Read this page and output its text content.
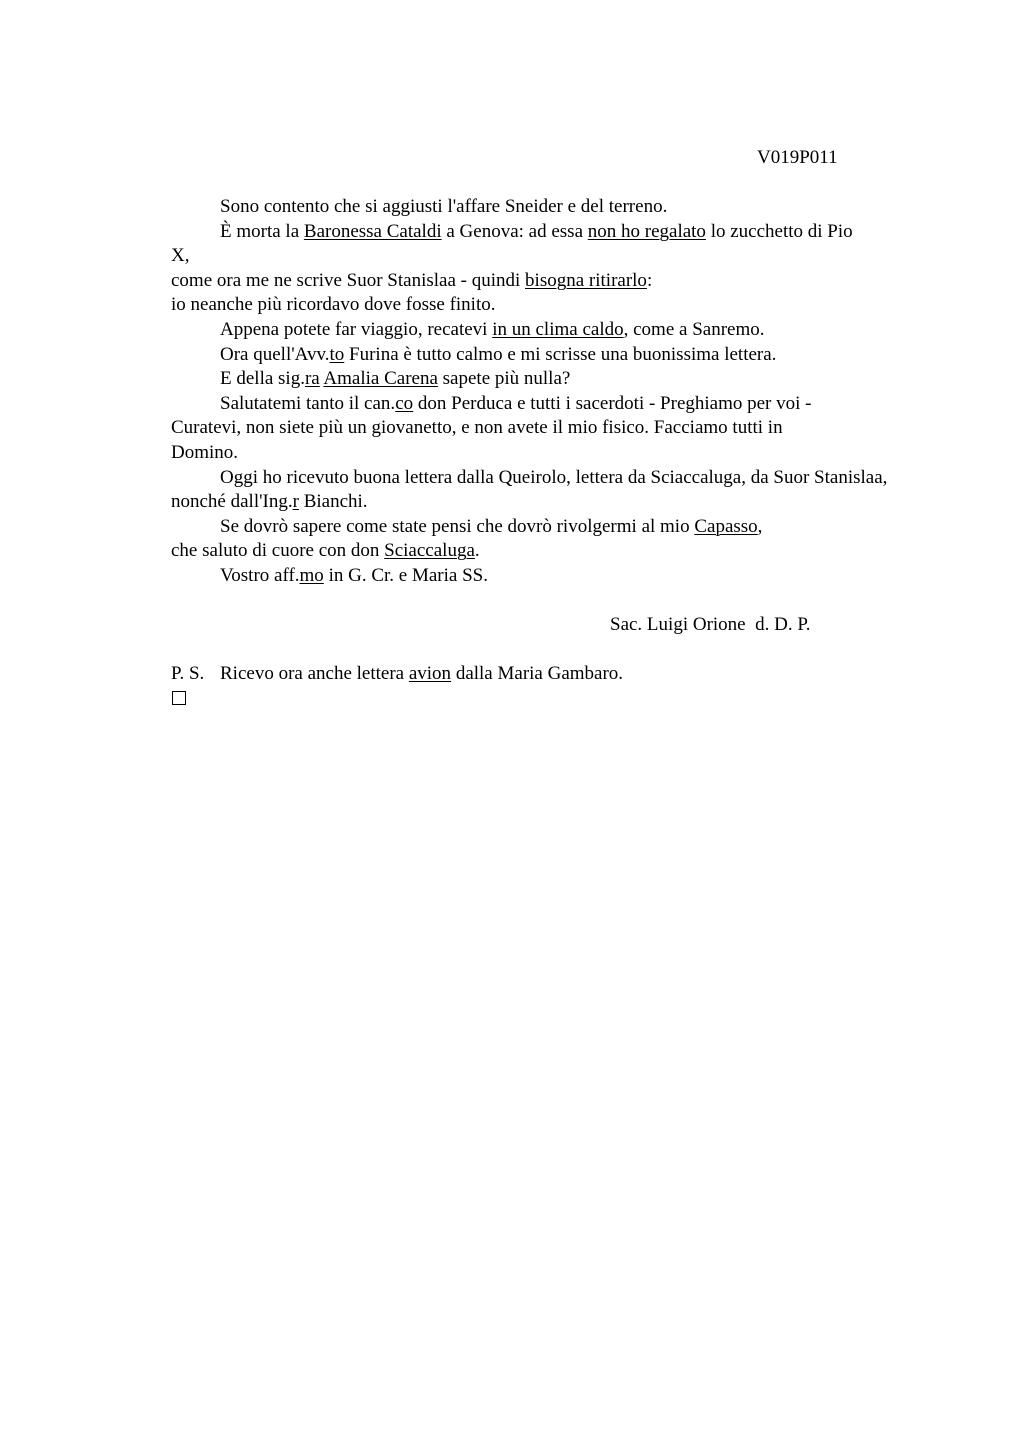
V019P011
Sono contento che si aggiusti l'affare Sneider e del terreno.
È morta la Baronessa Cataldi a Genova: ad essa non ho regalato lo zucchetto di Pio
X,
come ora me ne scrive Suor Stanislaa - quindi bisogna ritirarlo:
io neanche più ricordavo dove fosse finito.
Appena potete far viaggio, recatevi in un clima caldo, come a Sanremo.
Ora quell'Avv.to Furina è tutto calmo e mi scrisse una buonissima lettera.
E della sig.ra Amalia Carena sapete più nulla?
Salutatemi tanto il can.co don Perduca e tutti i sacerdoti - Preghiamo per voi -
Curatevi, non siete più un giovanetto, e non avete il mio fisico. Facciamo tutti in
Domino.
Oggi ho ricevuto buona lettera dalla Queirolo, lettera da Sciaccaluga, da Suor Stanislaa,
nonché dall'Ing.r Bianchi.
Se dovrò sapere come state pensi che dovrò rivolgermi al mio Capasso,
che saluto di cuore con don Sciaccaluga.
Vostro aff.mo in G. Cr. e Maria SS.
Sac. Luigi Orione  d. D. P.
P. S. Ricevo ora anche lettera avion dalla Maria Gambaro.
